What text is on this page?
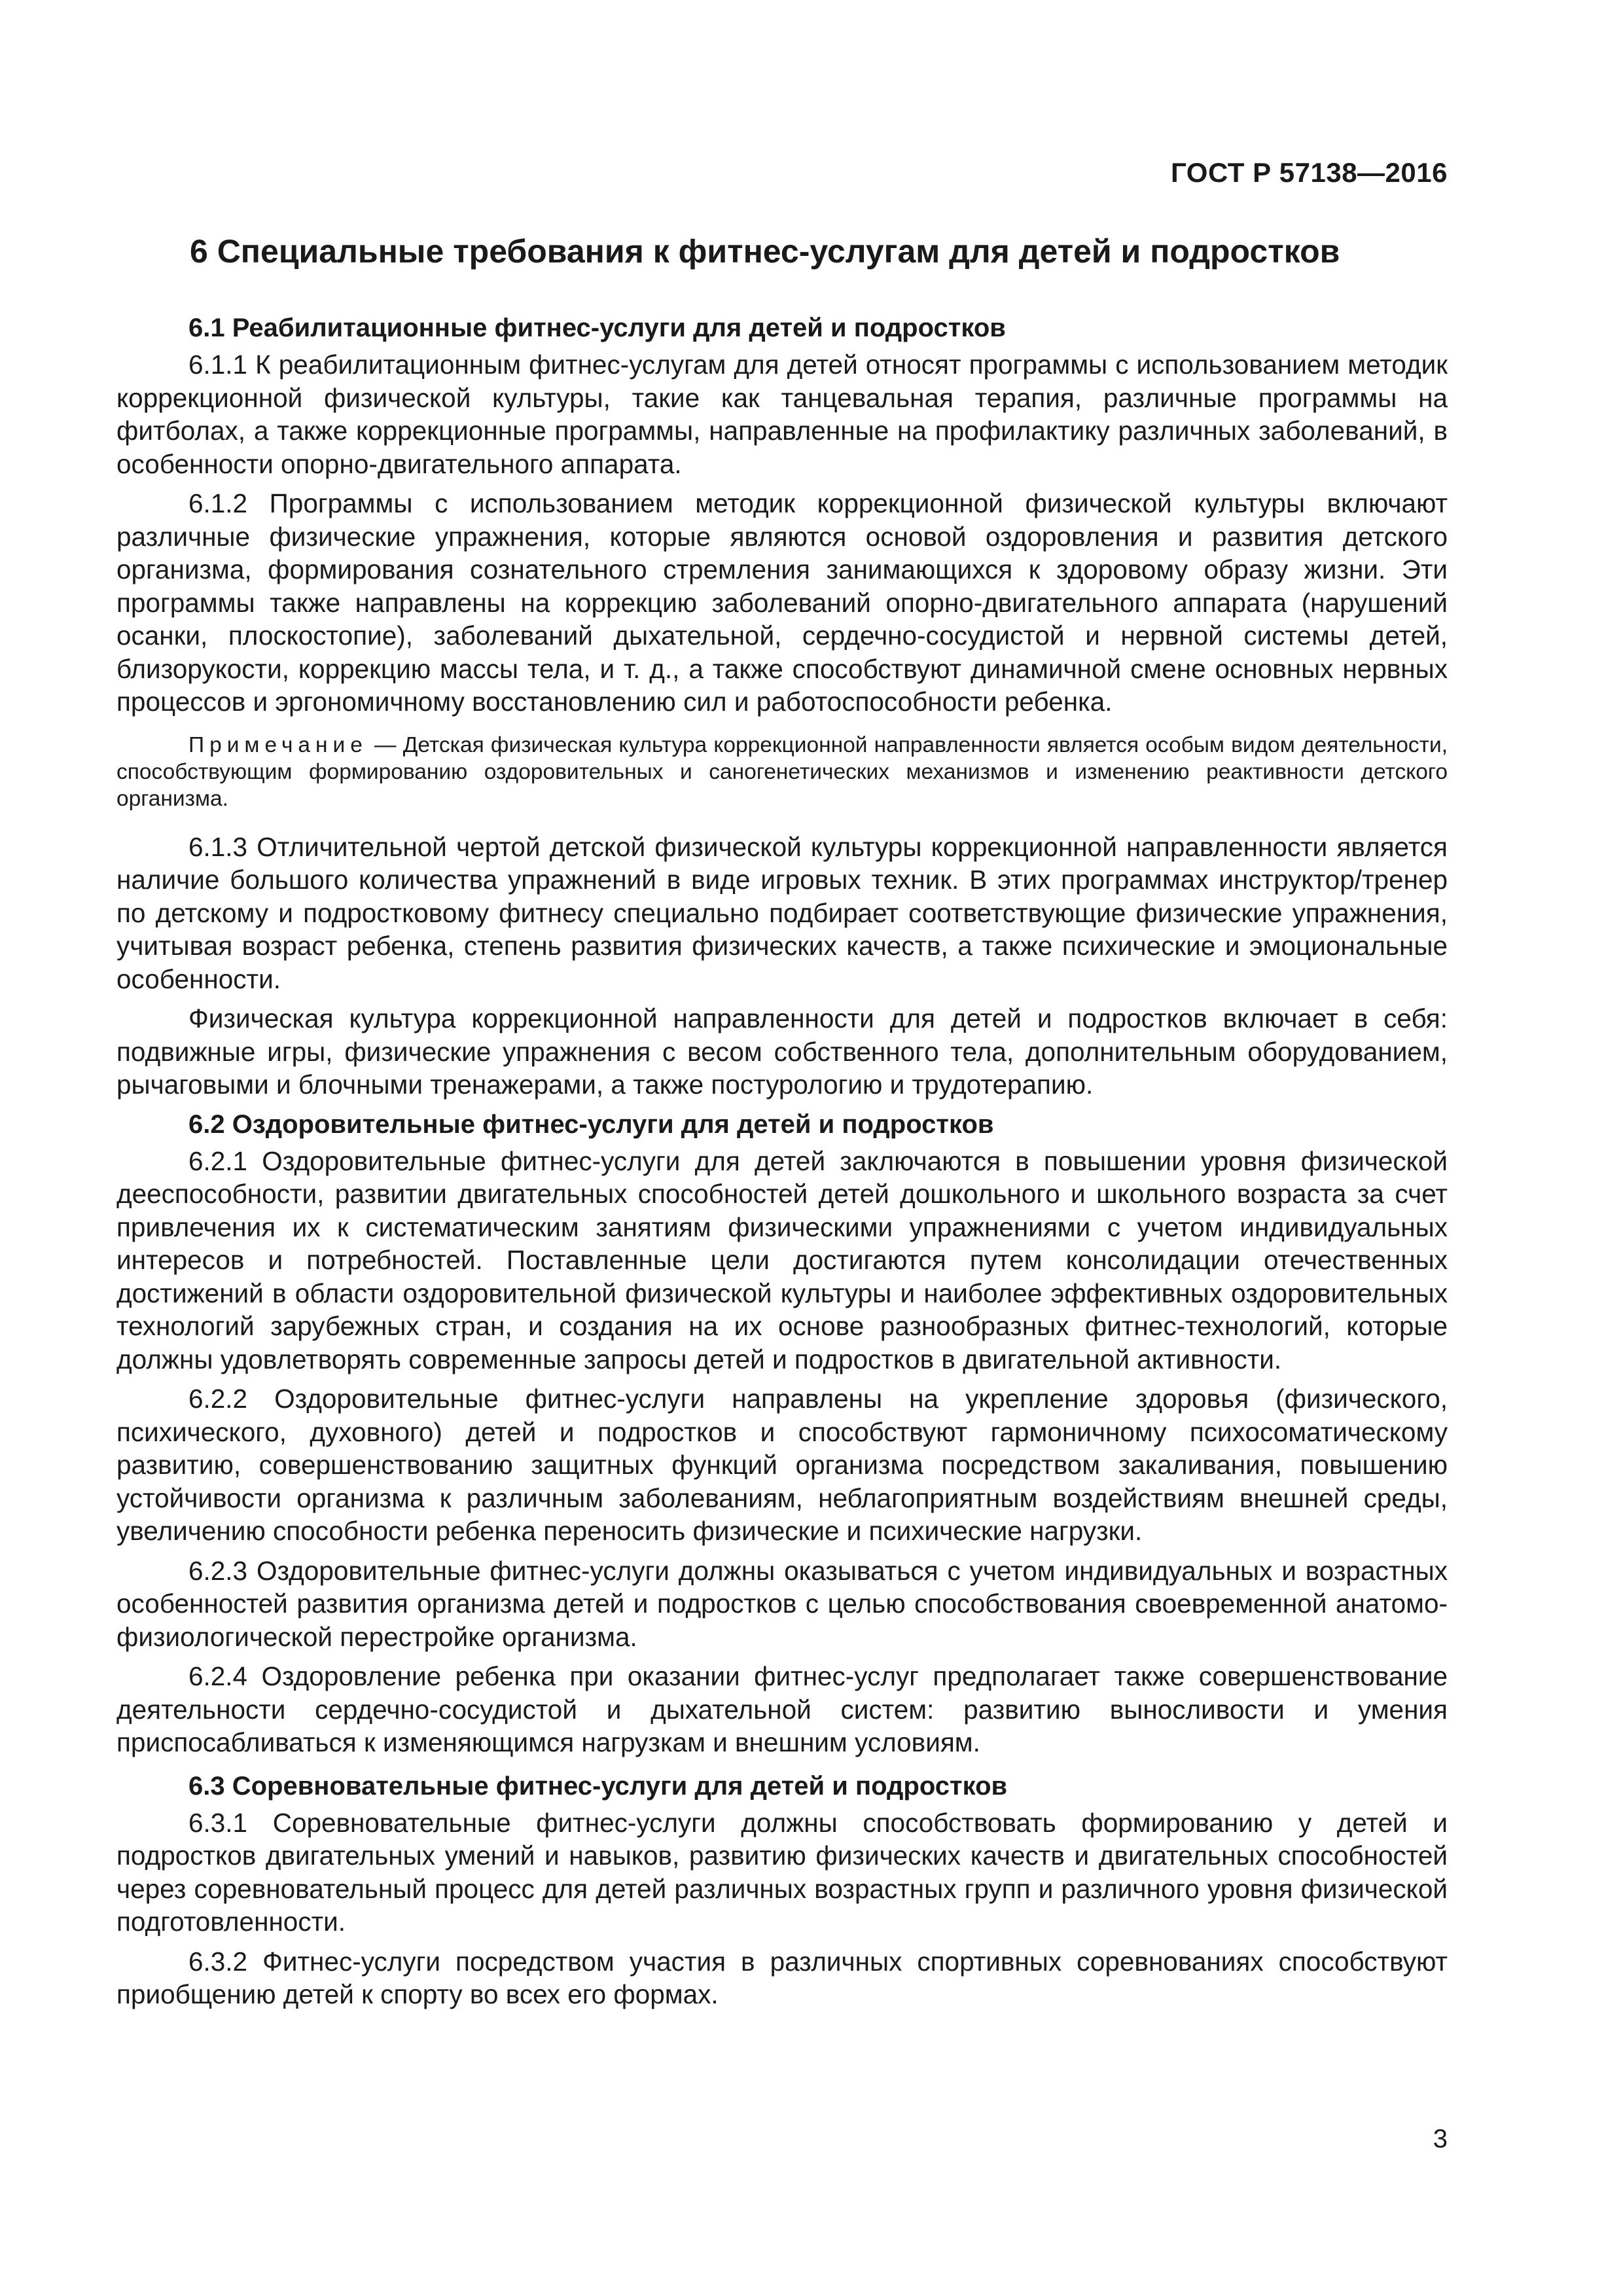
ГОСТ Р 57138—2016
6 Специальные требования к фитнес-услугам для детей и подростков
6.1 Реабилитационные фитнес-услуги для детей и подростков

6.1.1 К реабилитационным фитнес-услугам для детей относят программы с использованием методик коррекционной физической культуры, такие как танцевальная терапия, различные программы на фитболах, а также коррекционные программы, направленные на профилактику различных заболеваний, в особенности опорно-двигательного аппарата.

6.1.2 Программы с использованием методик коррекционной физической культуры включают различные физические упражнения, которые являются основой оздоровления и развития детского организма, формирования сознательного стремления занимающихся к здоровому образу жизни. Эти программы также направлены на коррекцию заболеваний опорно-двигательного аппарата (нарушений осанки, плоскостопие), заболеваний дыхательной, сердечно-сосудистой и нервной системы детей, близорукости, коррекцию массы тела, и т. д., а также способствуют динамичной смене основных нервных процессов и эргономичному восстановлению сил и работоспособности ребенка.

Примечание — Детская физическая культура коррекционной направленности является особым видом деятельности, способствующим формированию оздоровительных и саногенетических механизмов и изменению реактивности детского организма.

6.1.3 Отличительной чертой детской физической культуры коррекционной направленности является наличие большого количества упражнений в виде игровых техник. В этих программах инструктор/тренер по детскому и подростковому фитнесу специально подбирает соответствующие физические упражнения, учитывая возраст ребенка, степень развития физических качеств, а также психические и эмоциональные особенности.

Физическая культура коррекционной направленности для детей и подростков включает в себя: подвижные игры, физические упражнения с весом собственного тела, дополнительным оборудованием, рычаговыми и блочными тренажерами, а также постурологию и трудотерапию.

6.2 Оздоровительные фитнес-услуги для детей и подростков

6.2.1 Оздоровительные фитнес-услуги для детей заключаются в повышении уровня физической дееспособности, развитии двигательных способностей детей дошкольного и школьного возраста за счет привлечения их к систематическим занятиям физическими упражнениями с учетом индивидуальных интересов и потребностей. Поставленные цели достигаются путем консолидации отечественных достижений в области оздоровительной физической культуры и наиболее эффективных оздоровительных технологий зарубежных стран, и создания на их основе разнообразных фитнес-технологий, которые должны удовлетворять современные запросы детей и подростков в двигательной активности.

6.2.2 Оздоровительные фитнес-услуги направлены на укрепление здоровья (физического, психического, духовного) детей и подростков и способствуют гармоничному психосоматическому развитию, совершенствованию защитных функций организма посредством закаливания, повышению устойчивости организма к различным заболеваниям, неблагоприятным воздействиям внешней среды, увеличению способности ребенка переносить физические и психические нагрузки.

6.2.3 Оздоровительные фитнес-услуги должны оказываться с учетом индивидуальных и возрастных особенностей развития организма детей и подростков с целью способствования своевременной анатомо-физиологической перестройке организма.

6.2.4 Оздоровление ребенка при оказании фитнес-услуг предполагает также совершенствование деятельности сердечно-сосудистой и дыхательной систем: развитию выносливости и умения приспосабливаться к изменяющимся нагрузкам и внешним условиям.

6.3 Соревновательные фитнес-услуги для детей и подростков

6.3.1 Соревновательные фитнес-услуги должны способствовать формированию у детей и подростков двигательных умений и навыков, развитию физических качеств и двигательных способностей через соревновательный процесс для детей различных возрастных групп и различного уровня физической подготовленности.

6.3.2 Фитнес-услуги посредством участия в различных спортивных соревнованиях способствуют приобщению детей к спорту во всех его формах.

3
